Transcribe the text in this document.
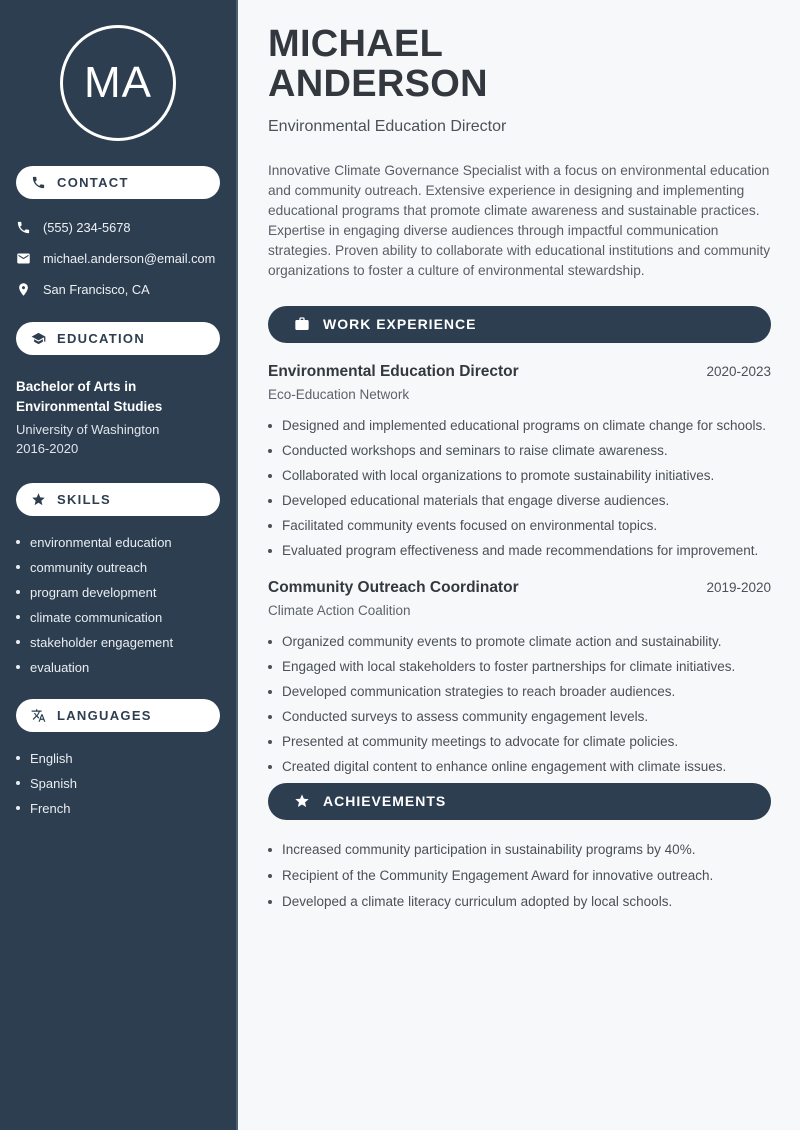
MA
CONTACT
(555) 234-5678
michael.anderson@email.com
San Francisco, CA
EDUCATION
Bachelor of Arts in Environmental Studies
University of Washington
2016-2020
SKILLS
environmental education
community outreach
program development
climate communication
stakeholder engagement
evaluation
LANGUAGES
English
Spanish
French
MICHAEL
ANDERSON
Environmental Education Director

Innovative Climate Governance Specialist with a focus on environmental education and community outreach. Extensive experience in designing and implementing educational programs that promote climate awareness and sustainable practices. Expertise in engaging diverse audiences through impactful communication strategies. Proven ability to collaborate with educational institutions and community organizations to foster a culture of environmental stewardship.

WORK EXPERIENCE
Environmental Education Director	2020-2023
Eco-Education Network
Designed and implemented educational programs on climate change for schools.
Conducted workshops and seminars to raise climate awareness.
Collaborated with local organizations to promote sustainability initiatives.
Developed educational materials that engage diverse audiences.
Facilitated community events focused on environmental topics.
Evaluated program effectiveness and made recommendations for improvement.
Community Outreach Coordinator	2019-2020
Climate Action Coalition
Organized community events to promote climate action and sustainability.
Engaged with local stakeholders to foster partnerships for climate initiatives.
Developed communication strategies to reach broader audiences.
Conducted surveys to assess community engagement levels.
Presented at community meetings to advocate for climate policies.
Created digital content to enhance online engagement with climate issues.
ACHIEVEMENTS
Increased community participation in sustainability programs by 40%.
Recipient of the Community Engagement Award for innovative outreach.
Developed a climate literacy curriculum adopted by local schools.
